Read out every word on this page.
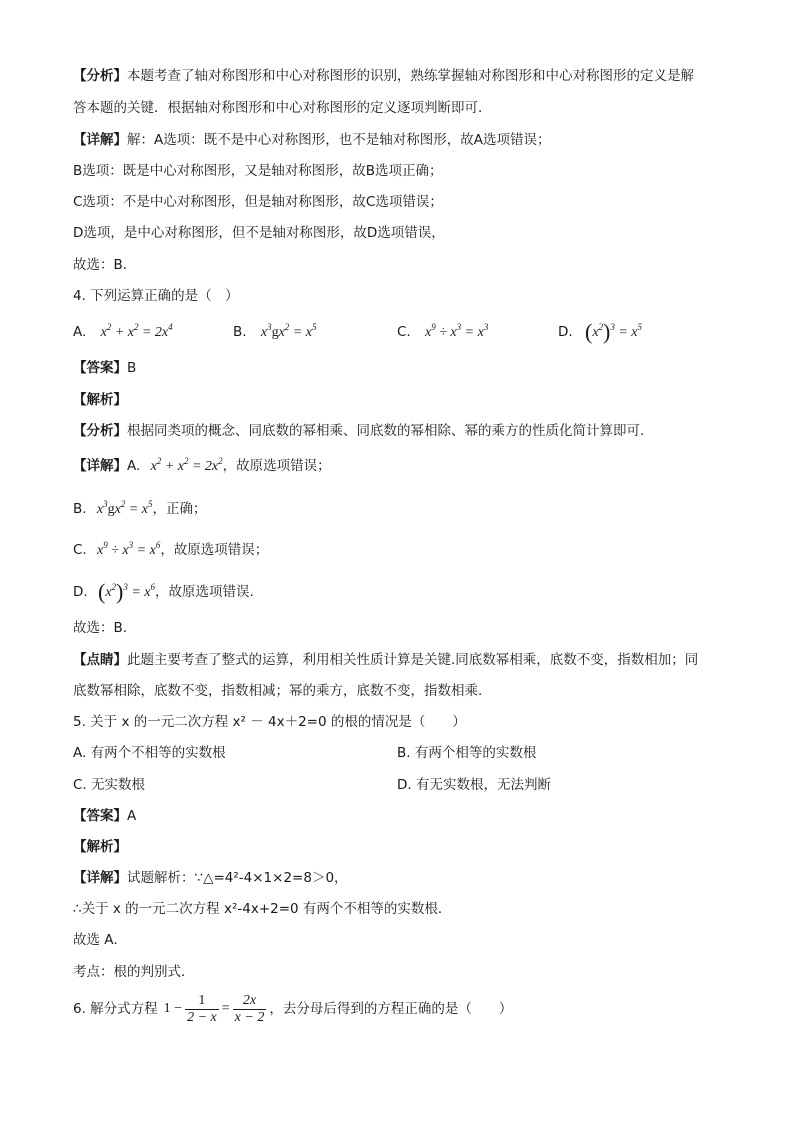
【分析】本题考查了轴对称图形和中心对称图形的识别，熟练掌握轴对称图形和中心对称图形的定义是解
答本题的关键．根据轴对称图形和中心对称图形的定义逐项判断即可．
【详解】解：A选项：既不是中心对称图形，也不是轴对称图形，故A选项错误；
B选项：既是中心对称图形，又是轴对称图形，故B选项正确；
C选项：不是中心对称图形，但是轴对称图形，故C选项错误；
D选项，是中心对称图形，但不是轴对称图形，故D选项错误，
故选：B．
4. 下列运算正确的是（　）
A. $x^2 + x^2 = 2x^4$	B. $x^3gx^2 = x^5$	C. $x^9 \div x^3 = x^3$	D. $(x^2)^3 = x^5$
【答案】B
【解析】
【分析】根据同类项的概念、同底数的幂相乘、同底数的幂相除、幂的乘方的性质化简计算即可.
【详解】A. $x^2 + x^2 = 2x^2$，故原选项错误；
B. $x^3gx^2 = x^5$，正确；
C. $x^9 \div x^3 = x^6$，故原选项错误；
D. $(x^2)^3 = x^6$，故原选项错误.
故选：B.
【点睛】此题主要考查了整式的运算，利用相关性质计算是关键.同底数幂相乘，底数不变，指数相加；同
底数幂相除，底数不变，指数相减；幂的乘方，底数不变，指数相乘.
5. 关于 x 的一元二次方程 x² － 4x＋2=0 的根的情况是（　　）
A. 有两个不相等的实数根	B. 有两个相等的实数根
C. 无实数根	D. 有无实数根，无法判断
【答案】A
【解析】
【详解】试题解析：∵△=4²-4×1×2=8＞0，
∴关于 x 的一元二次方程 x²-4x+2=0 有两个不相等的实数根．
故选 A．
考点：根的判别式．
6. 解分式方程 $1 - \frac{1}{2 - x} = \frac{2x}{x - 2}$ ，去分母后得到的方程正确的是（　　）
